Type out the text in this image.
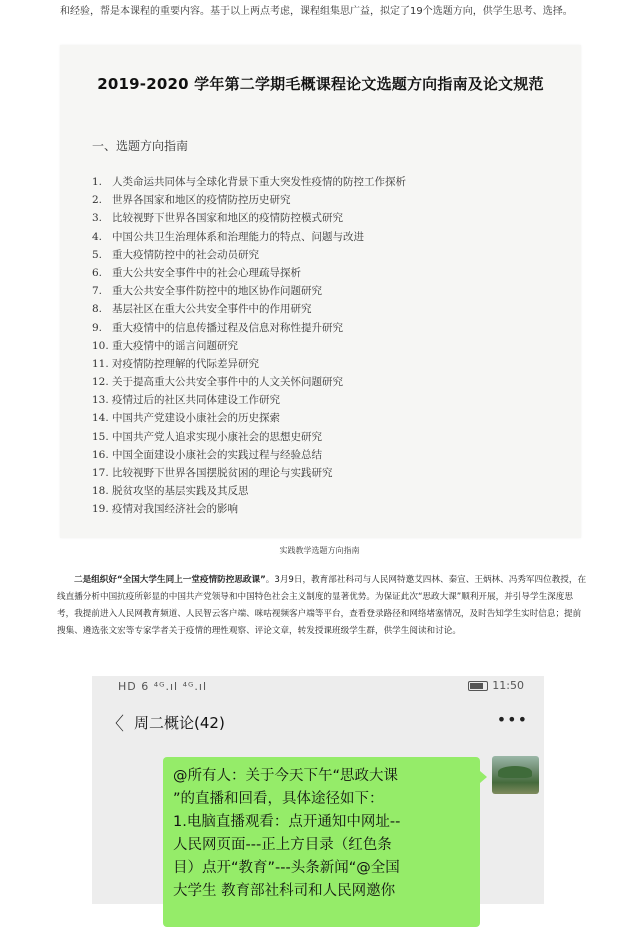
和经验，帮是本课程的重要内容。基于以上两点考虑，课程组集思广益，拟定了19个选题方向，供学生思考、选择。
2019-2020 学年第二学期毛概课程论文选题方向指南及论文规范
一、选题方向指南
1. 人类命运共同体与全球化背景下重大突发性疫情的防控工作探析
2. 世界各国家和地区的疫情防控历史研究
3. 比较视野下世界各国家和地区的疫情防控模式研究
4. 中国公共卫生治理体系和治理能力的特点、问题与改进
5. 重大疫情防控中的社会动员研究
6. 重大公共安全事件中的社会心理疏导探析
7. 重大公共安全事件防控中的地区协作问题研究
8. 基层社区在重大公共安全事件中的作用研究
9. 重大疫情中的信息传播过程及信息对称性提升研究
10. 重大疫情中的谣言问题研究
11. 对疫情防控理解的代际差异研究
12. 关于提高重大公共安全事件中的人文关怀问题研究
13. 疫情过后的社区共同体建设工作研究
14. 中国共产党建设小康社会的历史探索
15. 中国共产党人追求实现小康社会的思想史研究
16. 中国全面建设小康社会的实践过程与经验总结
17. 比较视野下世界各国摆脱贫困的理论与实践研究
18. 脱贫攻坚的基层实践及其反思
19. 疫情对我国经济社会的影响
实践教学选题方向指南
二是组织好“全国大学生同上一堂疫情防控思政课”。3月9日，教育部社科司与人民网特邀艾四林、秦宣、王炳林、冯秀军四位教授，在线直播分析中国抗疫所彰显的中国共产党领导和中国特色社会主义制度的显著优势。为保证此次“思政大课”顺利开展，并引导学生深度思考，我提前进入人民网教育频道、人民智云客户端、咪咕视频客户端等平台，查看登录路径和网络堵塞情况，及时告知学生实时信息；提前搜集、遴选张文宏等专家学者关于疫情的理性观察、评论文章，转发授课班级学生群，供学生阅读和讨论。
HD 6 ⁴ᴳ.ıl ⁴ᴳ.ıl	11:50
〈 周二概论(42)	•••

@所有人：关于今天下午“思政大课

”的直播和回看，具体途径如下：

1.电脑直播观看：点开通知中网址--

人民网页面---正上方目录（红色条

目）点开“教育”---头条新闻“@全国

大学生 教育部社科司和人民网邀你
